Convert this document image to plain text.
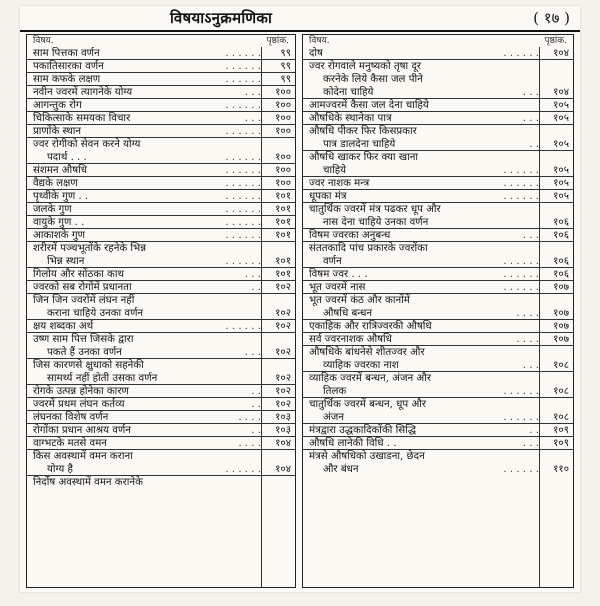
विषयाऽनुक्रमणिका	( १७ )
विषय.	पृष्ठांक.
साम पित्तका वर्णन	. . . . . . ९९
पकातिसारका वर्णन	. . . . . . ९९
साम कफके लक्षण	. . . . . . ९९
नवीन ज्वरमें त्यागनेके योग्य	. . . १००
आगन्तुक रोग	. . . . . . १००
चिकित्साके समयका विचार	. . . १००
प्राणोंके स्थान	. . . . . . १००
ज्वर रोगीको सेवन करने योग्य
पदार्थ . . .	. . . . . . १००
संशमन औषधि	. . . . . . १००
वैद्यके लक्षण	. . . . . . १००
पृथ्वीके गुण . .	. . . . . . १०१
जलके गुण	. . . . . . १०१
वायुके गुण . .	. . . . . . १०१
आकाशके गुण	. . . . . . १०१
शरीरमें पञ्चभूतोंके रहनेके भिन्न
भिन्न स्थान	. . . . . . १०१
गिलोय और सोंठका काथ	. . . १०१
ज्वरको सब रोगोंमें प्रधानता	. . १०२
जिन जिन ज्वरोंमें लंघन नहीं
कराना चाहिये उनका वर्णन	१०२
क्षय शब्दका अर्थ	. . . . . . १०२
उष्ण साम पित्त जिसके द्वारा
पकते हैं उनका वर्णन	. . . १०२
जिस कारणसे क्षुधाको सहनेकी
सामर्थ्य नहीं होती उसका वर्णन	१०२
रोगके उत्पन्न होनेका कारण	. . १०२
ज्वरमें प्रथम लंघन कर्तव्य	. . १०२
लंघनका विशेष वर्णन	. . . . १०३
रोगोंका प्रधान आश्रय वर्णन	. . १०३
वाग्भटके मतसे वमन	. . . . १०४
किस अवस्थामें वमन कराना
योग्य है	. . . . . . १०४
निर्दोष अवस्थामें वमन करानेके
विषय.	पृष्ठांक.
दोष	. . . . . . १०४
ज्वर रोगवाले मनुष्यको तृषा दूर
करनेके लिये कैसा जल पीने
कोदेना चाहिये	. . . १०४
आमज्वरमें कैसा जल देना चाहिये	१०५
औषधिके स्थानेका पात्र	. . . १०५
औषधि पीकर फिर किसप्रकार
पात्र डालदेना चाहिये	. . १०५
औषधि खाकर फिर क्या खाना
चाहिये	. . . . . . १०५
ज्वर नाशक मन्त्र	. . . . . . १०५
धूपका मंत्र	. . . . . . १०५
चातुर्थिक ज्वरमें मंत्र पढकर धूप और
नास देना चाहिये उनका वर्णन	१०६
विषम ज्वरका अनुबन्ध	. . . १०६
संततकादि पांच प्रकारके ज्वरोंका
वर्णन	. . . . . . १०६
विषम ज्वर . . .	. . . . . . १०६
भूत ज्वरमें नास	. . . . . . १०७
भूत ज्वरमें कंठ और कानोंमें
औषधि बन्धन	. . . . १०७
एकाहिक और रात्रिज्वरकी औषधि	१०७
सर्व ज्वरनाशक औषधि	. . . . १०७
औषधिके बांधनेसे शीतज्वर और
व्याहिक ज्वरका नाश	. . . १०८
व्याहिक ज्वरमें बन्धन, अंजन और
तिलक	. . . . . . १०८
चातुर्थिक ज्वरमें बन्धन, धूप और
अंजन	. . . . . . १०८
मंत्रद्वारा उद्धकादिकोंकी सिद्धि	. . १०९
औषधि लानेकी विधि . .	. . . १०९
मंत्रसे औषधिको उखाडना, छेदन
और बंधन	. . . . . . ११०
